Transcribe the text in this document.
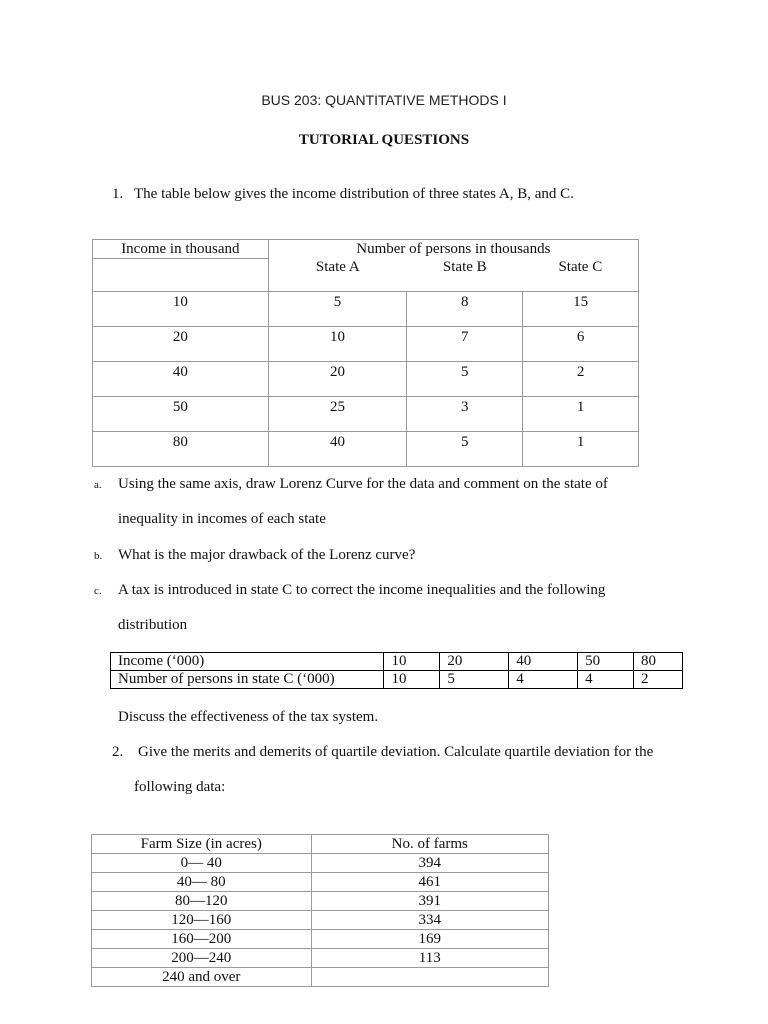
BUS 203: QUANTITATIVE METHODS I
TUTORIAL QUESTIONS
1. The table below gives the income distribution of three states A, B, and C.
Income in thousand	Number of persons in thousands		
	State A	State B	State C
10	5	8	15
20	10	7	6
40	20	5	2
50	25	3	1
80	40	5	1
a. Using the same axis, draw Lorenz Curve for the data and comment on the state of
inequality in incomes of each state
b. What is the major drawback of the Lorenz curve?
c. A tax is introduced in state C to correct the income inequalities and the following
distribution
Income (‘000)	10	20	40	50	80
Number of persons in state C (‘000)	10	5	4	4	2
Discuss the effectiveness of the tax system.
2. Give the merits and demerits of quartile deviation. Calculate quartile deviation for the
following data:
Farm Size (in acres)	No. of farms
0— 40	394
40— 80	461
80—120	391
120—160	334
160—200	169
200—240	113
240 and over	
